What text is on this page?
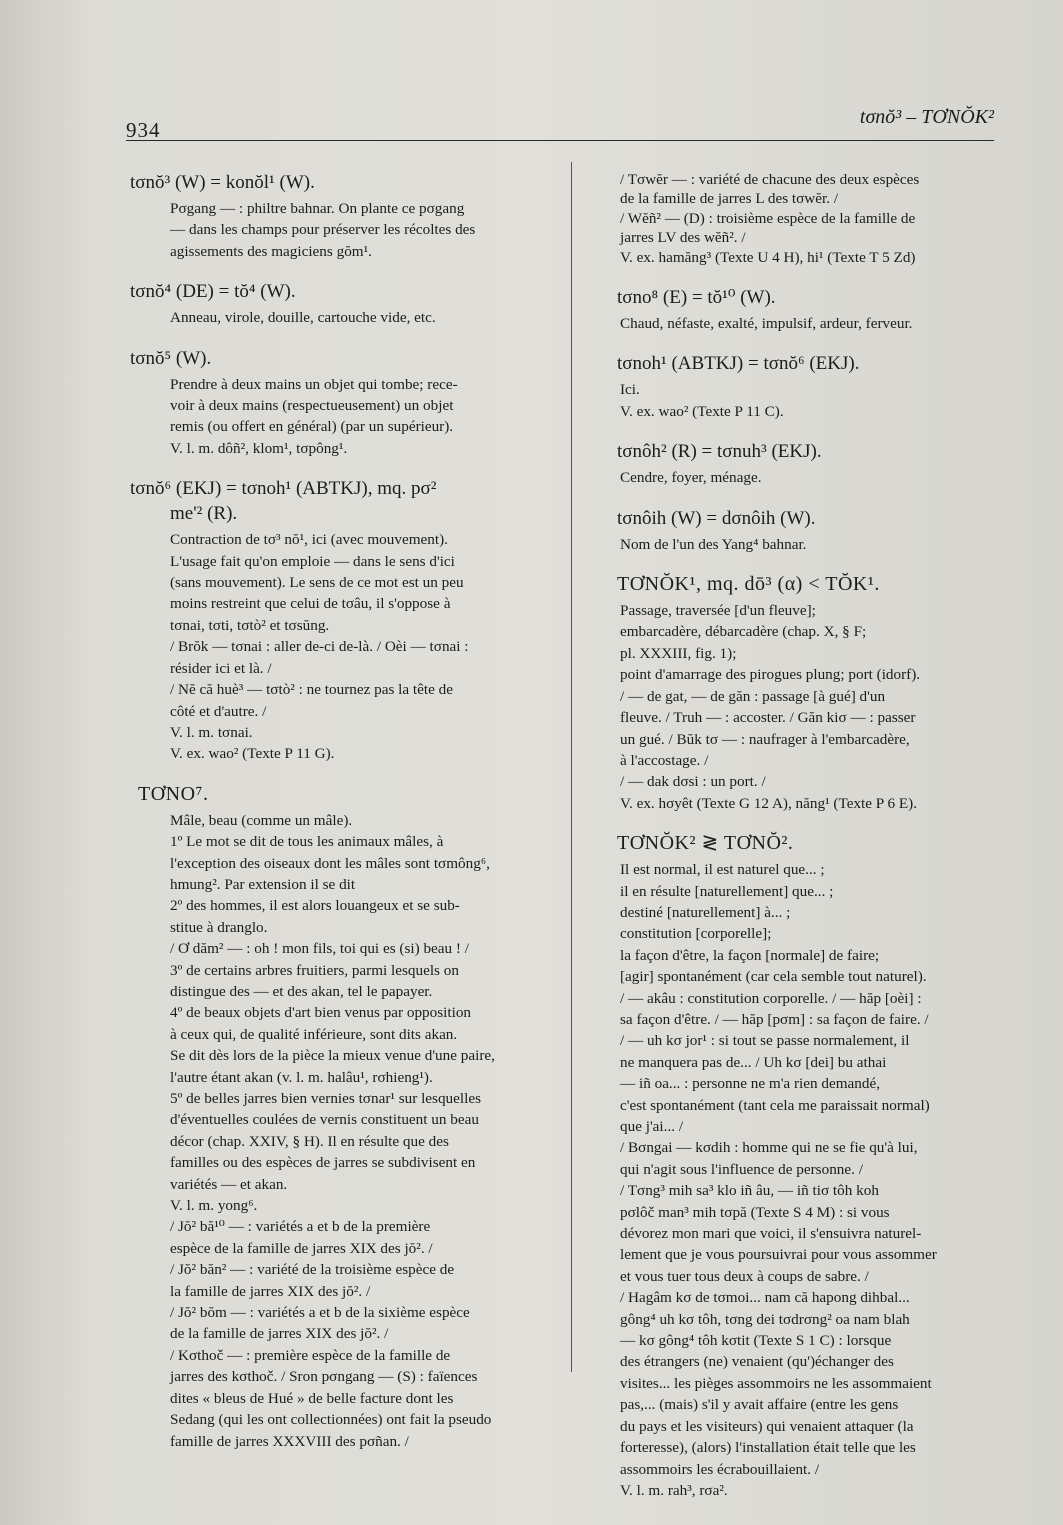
934
tσnŏ³ – TƠNŎK²
tσnŏ³ (W) = konŏl¹ (W).

Pσgang — : philtre bahnar. On plante ce pσgang

— dans les champs pour préserver les récoltes des

agissements des magiciens gŏm¹.

tσnŏ⁴ (DE) = tŏ⁴ (W).

Anneau, virole, douille, cartouche vide, etc.

tσnŏ⁵ (W).

Prendre à deux mains un objet qui tombe; rece-

voir à deux mains (respectueusement) un objet

remis (ou offert en général) (par un supérieur).

V. l. m. dôñ², klom¹, tσpông¹.

tσnŏ⁶ (EKJ) = tσnoh¹ (ABTKJ), mq. pσ²
me'² (R).

Contraction de tσ³ nŏ¹, ici (avec mouvement).

L'usage fait qu'on emploie — dans le sens d'ici

(sans mouvement). Le sens de ce mot est un peu

moins restreint que celui de tσâu, il s'oppose à

tσnai, tσti, tσtò² et tσsŭng.

/ Brŏk — tσnai : aller de-ci de-là. / Oèi — tσnai :

résider ici et là. /

/ Nĕ că huè³ — tσtò² : ne tournez pas la tête de

côté et d'autre. /

V. l. m. tσnai.

V. ex. wao² (Texte P 11 G).

TƠNO⁷.

Mâle, beau (comme un mâle).

1º Le mot se dit de tous les animaux mâles, à

l'exception des oiseaux dont les mâles sont tσmông⁶,

hmung². Par extension il se dit

2º des hommes, il est alors louangeux et se sub-

stitue à dranglo.

/ Ơ dăm² — : oh ! mon fils, toi qui es (si) beau ! /

3º de certains arbres fruitiers, parmi lesquels on

distingue des — et des akan, tel le papayer.

4º de beaux objets d'art bien venus par opposition

à ceux qui, de qualité inférieure, sont dits akan.

Se dit dès lors de la pièce la mieux venue d'une paire,

l'autre étant akan (v. l. m. halâu¹, rσhieng¹).

5º de belles jarres bien vernies tσnar¹ sur lesquelles

d'éventuelles coulées de vernis constituent un beau

décor (chap. XXIV, § H). Il en résulte que des

familles ou des espèces de jarres se subdivisent en

variétés — et akan.

V. l. m. yong⁶.

/ Jŏ² bă¹⁰ — : variétés a et b de la première

espèce de la famille de jarres XIX des jŏ². /

/ Jŏ² băn² — : variété de la troisième espèce de

la famille de jarres XIX des jŏ². /

/ Jŏ² bŏm — : variétés a et b de la sixième espèce

de la famille de jarres XIX des jŏ². /

/ Kσthoč — : première espèce de la famille de

jarres des kσthoč. / Sron pσngang — (S) : faïences

dites « bleus de Hué » de belle facture dont les

Sedang (qui les ont collectionnées) ont fait la pseudo

famille de jarres XXXVIII des pσñan. /

/ Tσwĕr — : variété de chacune des deux espèces

de la famille de jarres L des tσwĕr. /

/ Wĕñ² — (D) : troisième espèce de la famille de

jarres LV des wĕñ². /

V. ex. hamăng³ (Texte U 4 H), hi¹ (Texte T 5 Zd)

tσno⁸ (E) = tŏ¹⁰ (W).

Chaud, néfaste, exalté, impulsif, ardeur, ferveur.

tσnoh¹ (ABTKJ) = tσnŏ⁶ (EKJ).

Ici.

V. ex. wao² (Texte P 11 C).

tσnôh² (R) = tσnuh³ (EKJ).

Cendre, foyer, ménage.

tσnôih (W) = dσnôih (W).

Nom de l'un des Yang⁴ bahnar.

TƠNŎK¹, mq. dō³ (α) < TŎK¹.

Passage, traversée [d'un fleuve];

embarcadère, débarcadère (chap. X, § F;

pl. XXXIII, fig. 1);

point d'amarrage des pirogues plung; port (idorf).

/ — de gat, — de găn : passage [à gué] d'un

fleuve. / Truh — : accoster. / Găn kiσ — : passer

un gué. / Bŭk tσ — : naufrager à l'embarcadère,

à l'accostage. /

/ — dak dσsi : un port. /

V. ex. hσyêt (Texte G 12 A), năng¹ (Texte P 6 E).

TƠNŎK² ≷ TƠNŎ².

Il est normal, il est naturel que... ;

il en résulte [naturellement] que... ;

destiné [naturellement] à... ;

constitution [corporelle];

la façon d'être, la façon [normale] de faire;

[agir] spontanément (car cela semble tout naturel).

/ — akâu : constitution corporelle. / — hăp [oèi] :

sa façon d'être. / — hăp [pσm] : sa façon de faire. /

/ — uh kσ jor¹ : si tout se passe normalement, il

ne manquera pas de... / Uh kσ [dei] bu athai

— iñ oa... : personne ne m'a rien demandé,

c'est spontanément (tant cela me paraissait normal)

que j'ai... /

/ Bσngai — kσdih : homme qui ne se fie qu'à lui,

qui n'agit sous l'influence de personne. /

/ Tσng³ mih sa³ klo iñ âu, — iñ tiσ tôh koh

pσlôč man³ mih tσpă (Texte S 4 M) : si vous

dévorez mon mari que voici, il s'ensuivra naturel-

lement que je vous poursuivrai pour vous assommer

et vous tuer tous deux à coups de sabre. /

/ Hagâm kσ de tσmoi... nam că hapong dihbal...

gông⁴ uh kσ tôh, tσng dei tσdrσng² oa nam blah

— kσ gông⁴ tôh kσtit (Texte S 1 C) : lorsque

des étrangers (ne) venaient (qu')échanger des

visites... les pièges assommoirs ne les assommaient

pas,... (mais) s'il y avait affaire (entre les gens

du pays et les visiteurs) qui venaient attaquer (la

forteresse), (alors) l'installation était telle que les

assommoirs les écrabouillaient. /

V. l. m. rah³, rσa².
